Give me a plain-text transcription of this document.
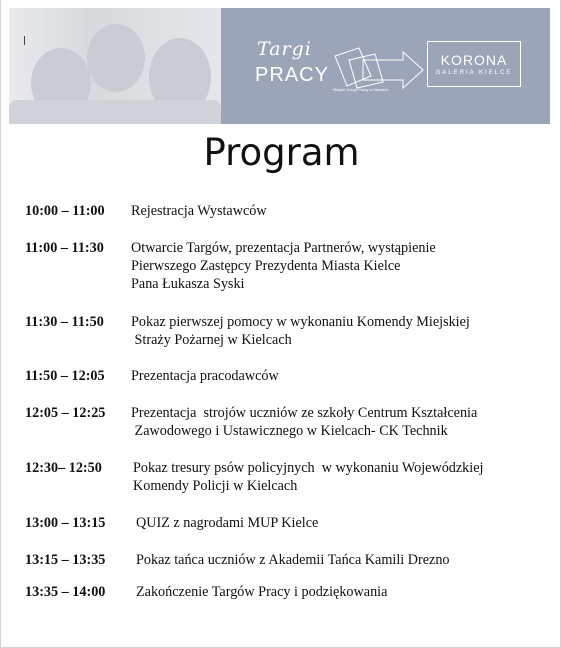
Targi
PRACY
Miejski Urząd Pracy w Kielcach
KORONA
GALERIA KIELCE
Program
10:00 – 11:00 Rejestracja Wystawców
11:00 – 11:30 Otwarcie Targów, prezentacja Partnerów, wystąpienie
Pierwszego Zastępcy Prezydenta Miasta Kielce
Pana Łukasza Syski
11:30 – 11:50 Pokaz pierwszej pomocy w wykonaniu Komendy Miejskiej
Straży Pożarnej w Kielcach
11:50 – 12:05 Prezentacja pracodawców
12:05 – 12:25 Prezentacja  strojów uczniów ze szkoły Centrum Kształcenia
Zawodowego i Ustawicznego w Kielcach- CK Technik
12:30– 12:50 Pokaz tresury psów policyjnych  w wykonaniu Wojewódzkiej
Komendy Policji w Kielcach
13:00 – 13:15 QUIZ z nagrodami MUP Kielce
13:15 – 13:35 Pokaz tańca uczniów z Akademii Tańca Kamili Drezno
13:35 – 14:00 Zakończenie Targów Pracy i podziękowania
